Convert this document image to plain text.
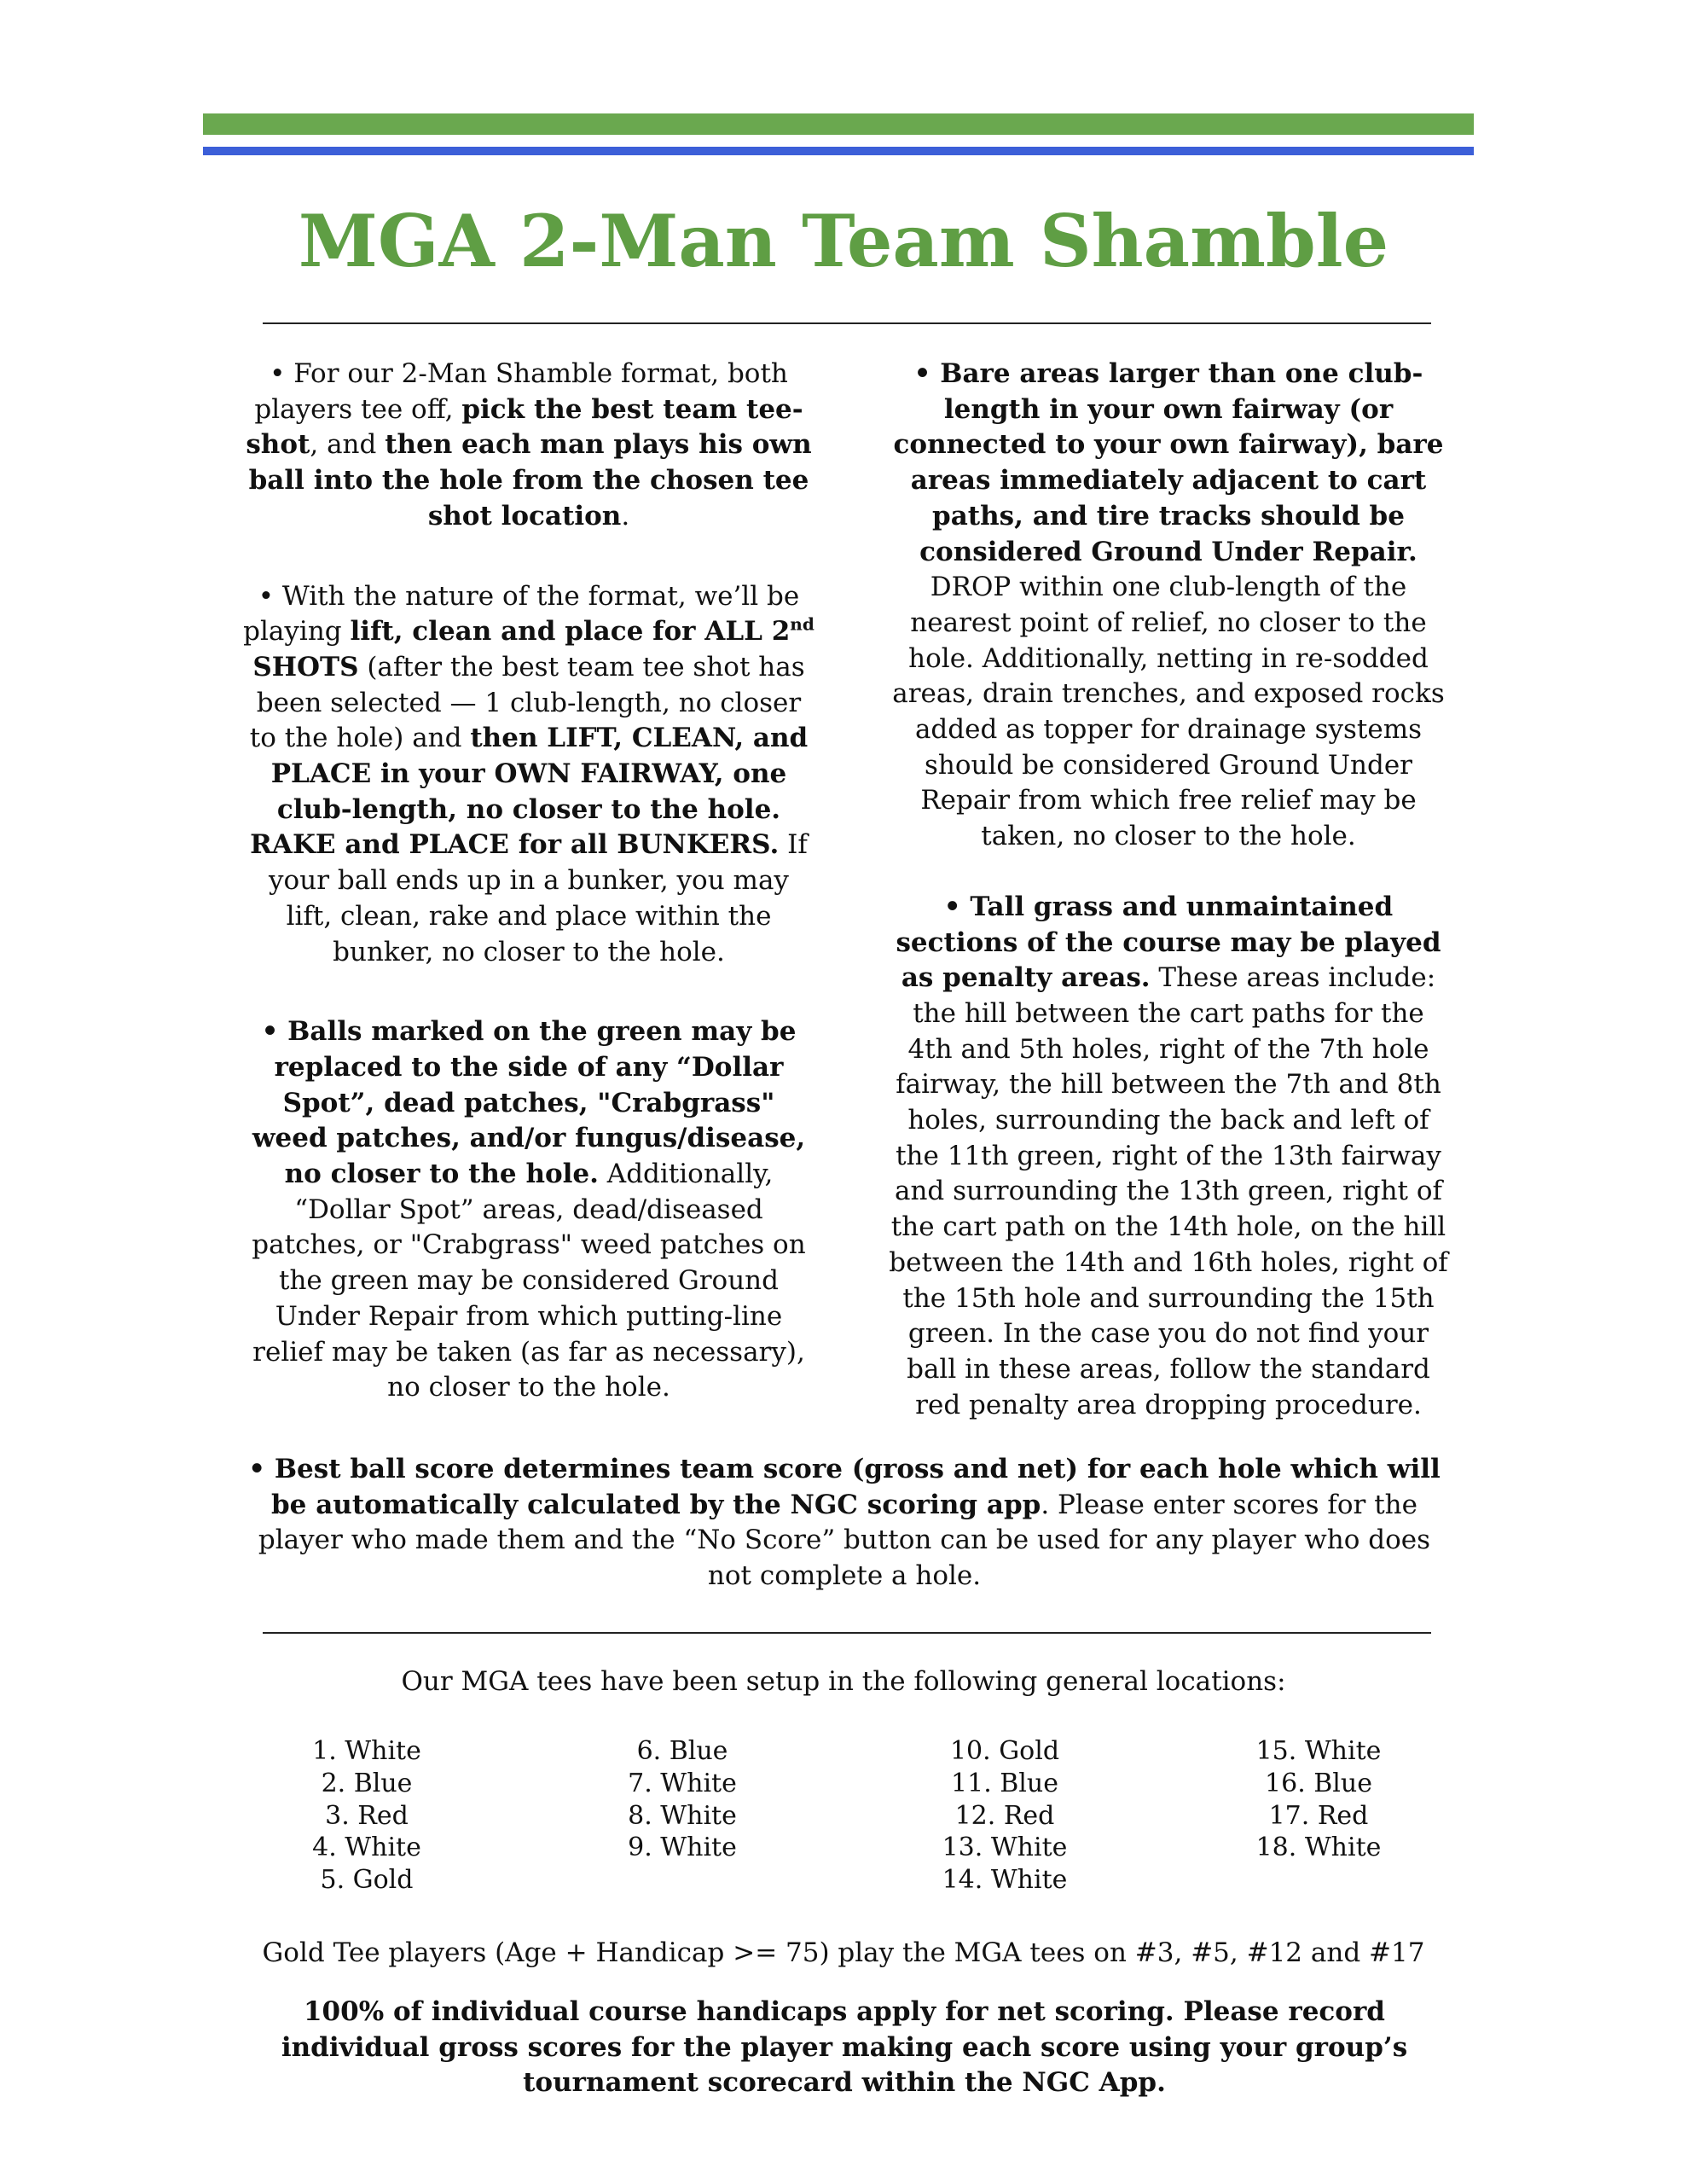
MGA 2-Man Team Shamble

• For our 2-Man Shamble format, both players tee off, pick the best team tee-shot, and then each man plays his own ball into the hole from the chosen tee shot location.

• With the nature of the format, we’ll be playing lift, clean and place for ALL 2nd SHOTS (after the best team tee shot has been selected — 1 club-length, no closer to the hole) and then LIFT, CLEAN, and PLACE in your OWN FAIRWAY, one club-length, no closer to the hole. RAKE and PLACE for all BUNKERS. If your ball ends up in a bunker, you may lift, clean, rake and place within the bunker, no closer to the hole.

• Balls marked on the green may be replaced to the side of any “Dollar Spot”, dead patches, "Crabgrass" weed patches, and/or fungus/disease, no closer to the hole. Additionally, “Dollar Spot” areas, dead/diseased patches, or "Crabgrass" weed patches on the green may be considered Ground Under Repair from which putting-line relief may be taken (as far as necessary), no closer to the hole.

• Bare areas larger than one club-length in your own fairway (or connected to your own fairway), bare areas immediately adjacent to cart paths, and tire tracks should be considered Ground Under Repair. DROP within one club-length of the nearest point of relief, no closer to the hole. Additionally, netting in re-sodded areas, drain trenches, and exposed rocks added as topper for drainage systems should be considered Ground Under Repair from which free relief may be taken, no closer to the hole.

• Tall grass and unmaintained sections of the course may be played as penalty areas. These areas include: the hill between the cart paths for the 4th and 5th holes, right of the 7th hole fairway, the hill between the 7th and 8th holes, surrounding the back and left of the 11th green, right of the 13th fairway and surrounding the 13th green, right of the cart path on the 14th hole, on the hill between the 14th and 16th holes, right of the 15th hole and surrounding the 15th green. In the case you do not find your ball in these areas, follow the standard red penalty area dropping procedure.

• Best ball score determines team score (gross and net) for each hole which will be automatically calculated by the NGC scoring app. Please enter scores for the player who made them and the “No Score” button can be used for any player who does not complete a hole.

Our MGA tees have been setup in the following general locations:

1. White
2. Blue
3. Red
4. White
5. Gold
6. Blue
7. White
8. White
9. White
10. Gold
11. Blue
12. Red
13. White
14. White
15. White
16. Blue
17. Red
18. White

Gold Tee players (Age + Handicap >= 75) play the MGA tees on #3, #5, #12 and #17

100% of individual course handicaps apply for net scoring. Please record individual gross scores for the player making each score using your group’s tournament scorecard within the NGC App.
